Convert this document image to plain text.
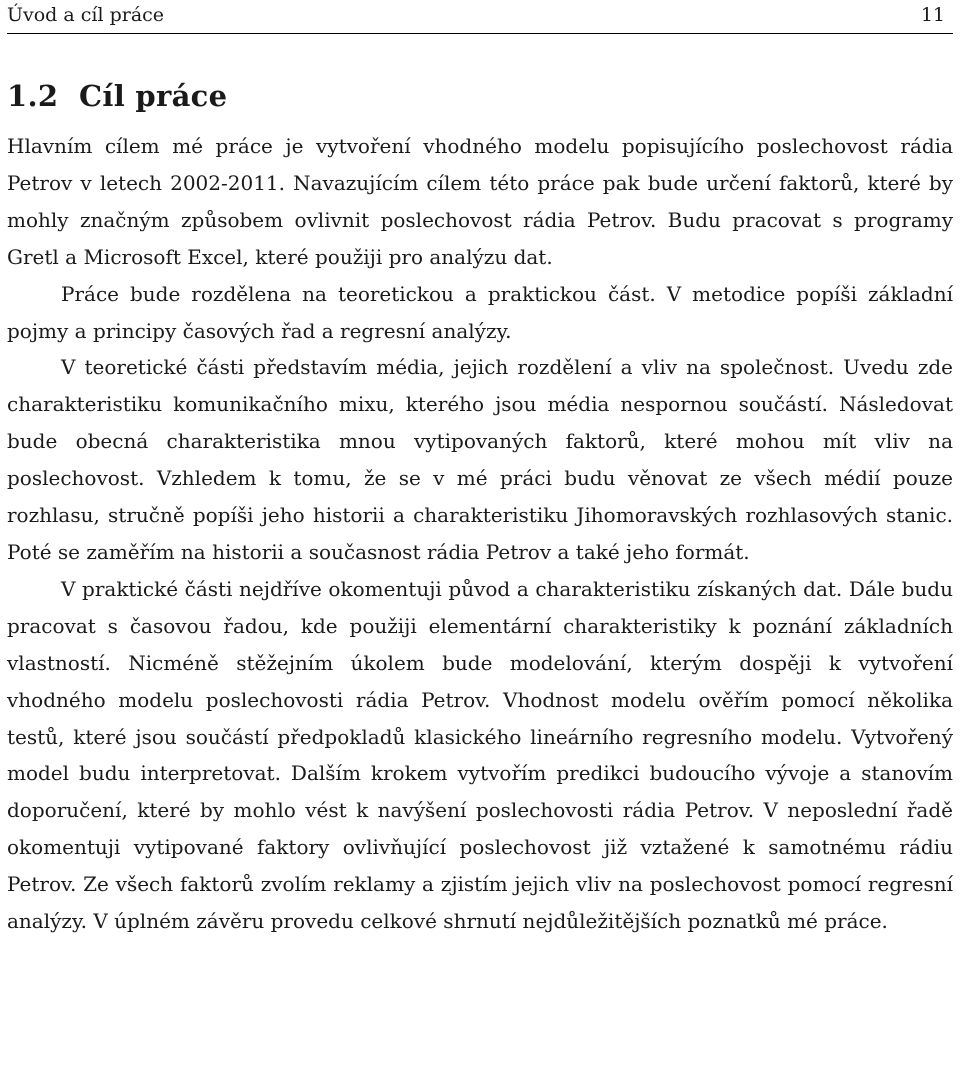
Úvod a cíl práce	11
1.2 Cíl práce

Hlavním cílem mé práce je vytvoření vhodného modelu popisujícího poslechovost rádia Petrov v letech 2002-2011. Navazujícím cílem této práce pak bude určení faktorů, které by mohly značným způsobem ovlivnit poslechovost rádia Petrov. Budu pracovat s programy Gretl a Microsoft Excel, které použiji pro analýzu dat.

Práce bude rozdělena na teoretickou a praktickou část. V metodice popíši základní pojmy a principy časových řad a regresní analýzy.

V teoretické části představím média, jejich rozdělení a vliv na společnost. Uvedu zde charakteristiku komunikačního mixu, kterého jsou média nespornou součástí. Následovat bude obecná charakteristika mnou vytipovaných faktorů, které mohou mít vliv na poslechovost. Vzhledem k tomu, že se v mé práci budu věnovat ze všech médií pouze rozhlasu, stručně popíši jeho historii a charakteristiku Jihomoravských rozhlasových stanic. Poté se zaměřím na historii a současnost rádia Petrov a také jeho formát.

V praktické části nejdříve okomentuji původ a charakteristiku získaných dat. Dále budu pracovat s časovou řadou, kde použiji elementární charakteristiky k poznání základních vlastností. Nicméně stěžejním úkolem bude modelování, kterým dospěji k vytvoření vhodného modelu poslechovosti rádia Petrov. Vhodnost modelu ověřím pomocí několika testů, které jsou součástí předpokladů klasického lineárního regresního modelu. Vytvořený model budu interpretovat. Dalším krokem vytvořím predikci budoucího vývoje a stanovím doporučení, které by mohlo vést k navýšení poslechovosti rádia Petrov. V neposlední řadě okomentuji vytipované faktory ovlivňující poslechovost již vztažené k samotnému rádiu Petrov. Ze všech faktorů zvolím reklamy a zjistím jejich vliv na poslechovost pomocí regresní analýzy. V úplném závěru provedu celkové shrnutí nejdůležitějších poznatků mé práce.
